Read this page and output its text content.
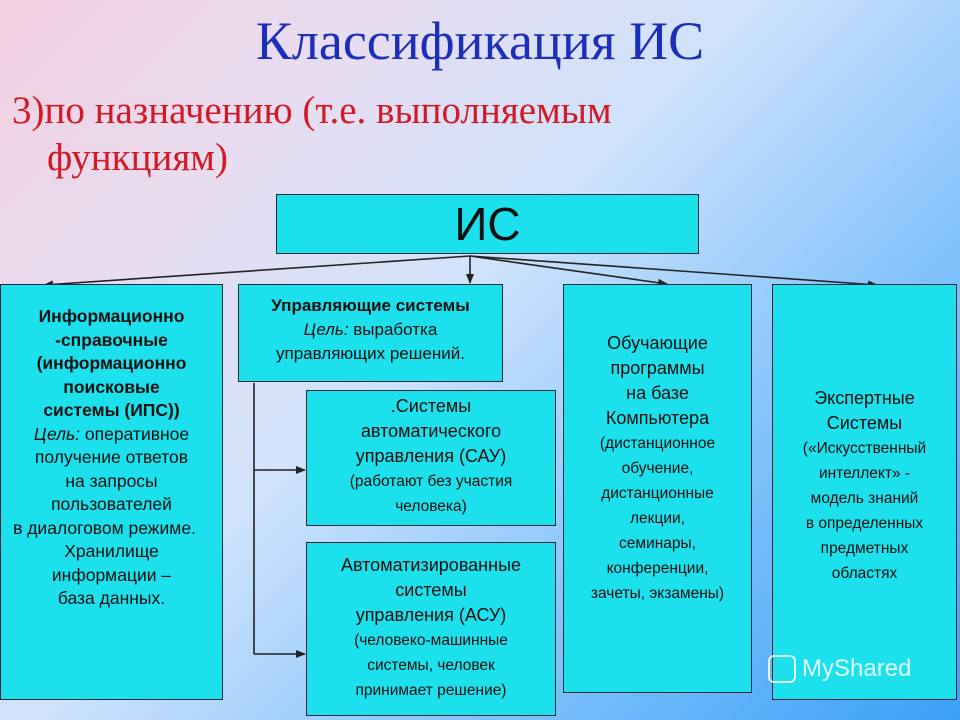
Классификация ИС
3)по назначению (т.е. выполняемым
функциям)
ИС
Информационно
-справочные
(информационно
поисковые
системы (ИПС))
Цель: оперативное
получение ответов
на запросы
пользователей
в диалоговом режиме.
Хранилище
информации –
база данных.
Управляющие системы
Цель: выработка
управляющих решений.
.Системы
автоматического
управления (САУ)
(работают без участия
человека)
Автоматизированные
системы
управления (АСУ)
(человеко-машинные
системы, человек
принимает решение)
Обучающие
программы
на базе
Компьютера
(дистанционное
обучение,
дистанционные
лекции,
семинары,
конференции,
зачеты, экзамены)
Экспертные
Системы
(«Искусственный
интеллект» -
модель знаний
в определенных
предметных
областях
MyShared
